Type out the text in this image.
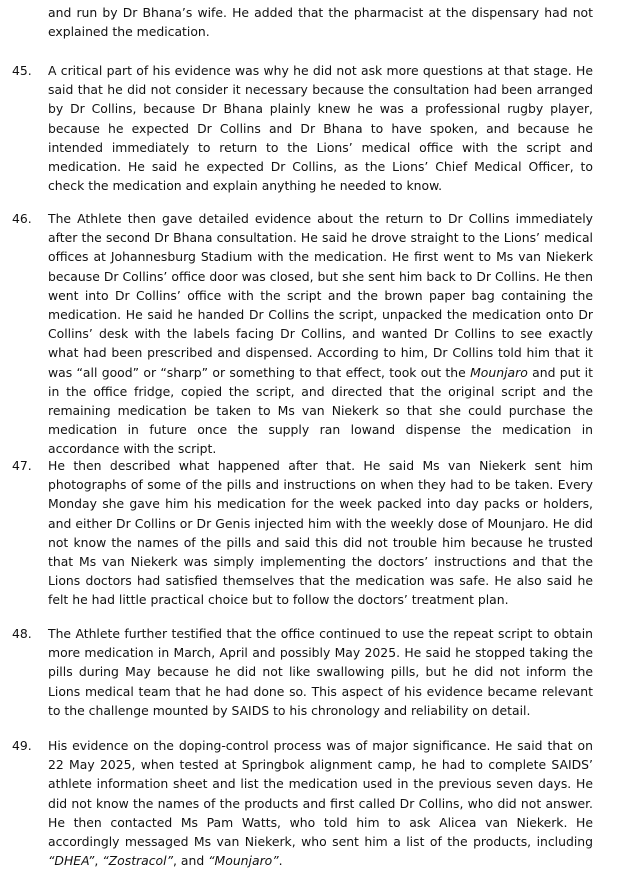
and run by Dr Bhana’s wife. He added that the pharmacist at the dispensary had not explained the medication.
45.	A critical part of his evidence was why he did not ask more questions at that stage. He said that he did not consider it necessary because the consultation had been arranged by Dr Collins, because Dr Bhana plainly knew he was a professional rugby player, because he expected Dr Collins and Dr Bhana to have spoken, and because he intended immediately to return to the Lions’ medical office with the script and medication. He said he expected Dr Collins, as the Lions’ Chief Medical Officer, to check the medication and explain anything he needed to know.
46.	The Athlete then gave detailed evidence about the return to Dr Collins immediately after the second Dr Bhana consultation. He said he drove straight to the Lions’ medical offices at Johannesburg Stadium with the medication. He first went to Ms van Niekerk because Dr Collins’ office door was closed, but she sent him back to Dr Collins. He then went into Dr Collins’ office with the script and the brown paper bag containing the medication. He said he handed Dr Collins the script, unpacked the medication onto Dr Collins’ desk with the labels facing Dr Collins, and wanted Dr Collins to see exactly what had been prescribed and dispensed. According to him, Dr Collins told him that it was “all good” or “sharp” or something to that effect, took out the Mounjaro and put it in the office fridge, copied the script, and directed that the original script and the remaining medication be taken to Ms van Niekerk so that she could purchase the medication in future once the supply ran lowand dispense the medication in accordance with the script.
47.	He then described what happened after that. He said Ms van Niekerk sent him photographs of some of the pills and instructions on when they had to be taken. Every Monday she gave him his medication for the week packed into day packs or holders, and either Dr Collins or Dr Genis injected him with the weekly dose of Mounjaro. He did not know the names of the pills and said this did not trouble him because he trusted that Ms van Niekerk was simply implementing the doctors’ instructions and that the Lions doctors had satisfied themselves that the medication was safe. He also said he felt he had little practical choice but to follow the doctors’ treatment plan.
48.	The Athlete further testified that the office continued to use the repeat script to obtain more medication in March, April and possibly May 2025. He said he stopped taking the pills during May because he did not like swallowing pills, but he did not inform the Lions medical team that he had done so. This aspect of his evidence became relevant to the challenge mounted by SAIDS to his chronology and reliability on detail.
49.	His evidence on the doping-control process was of major significance. He said that on 22 May 2025, when tested at Springbok alignment camp, he had to complete SAIDS’ athlete information sheet and list the medication used in the previous seven days. He did not know the names of the products and first called Dr Collins, who did not answer. He then contacted Ms Pam Watts, who told him to ask Alicea van Niekerk. He accordingly messaged Ms van Niekerk, who sent him a list of the products, including “DHEA”, “Zostracol”, and “Mounjaro”.
